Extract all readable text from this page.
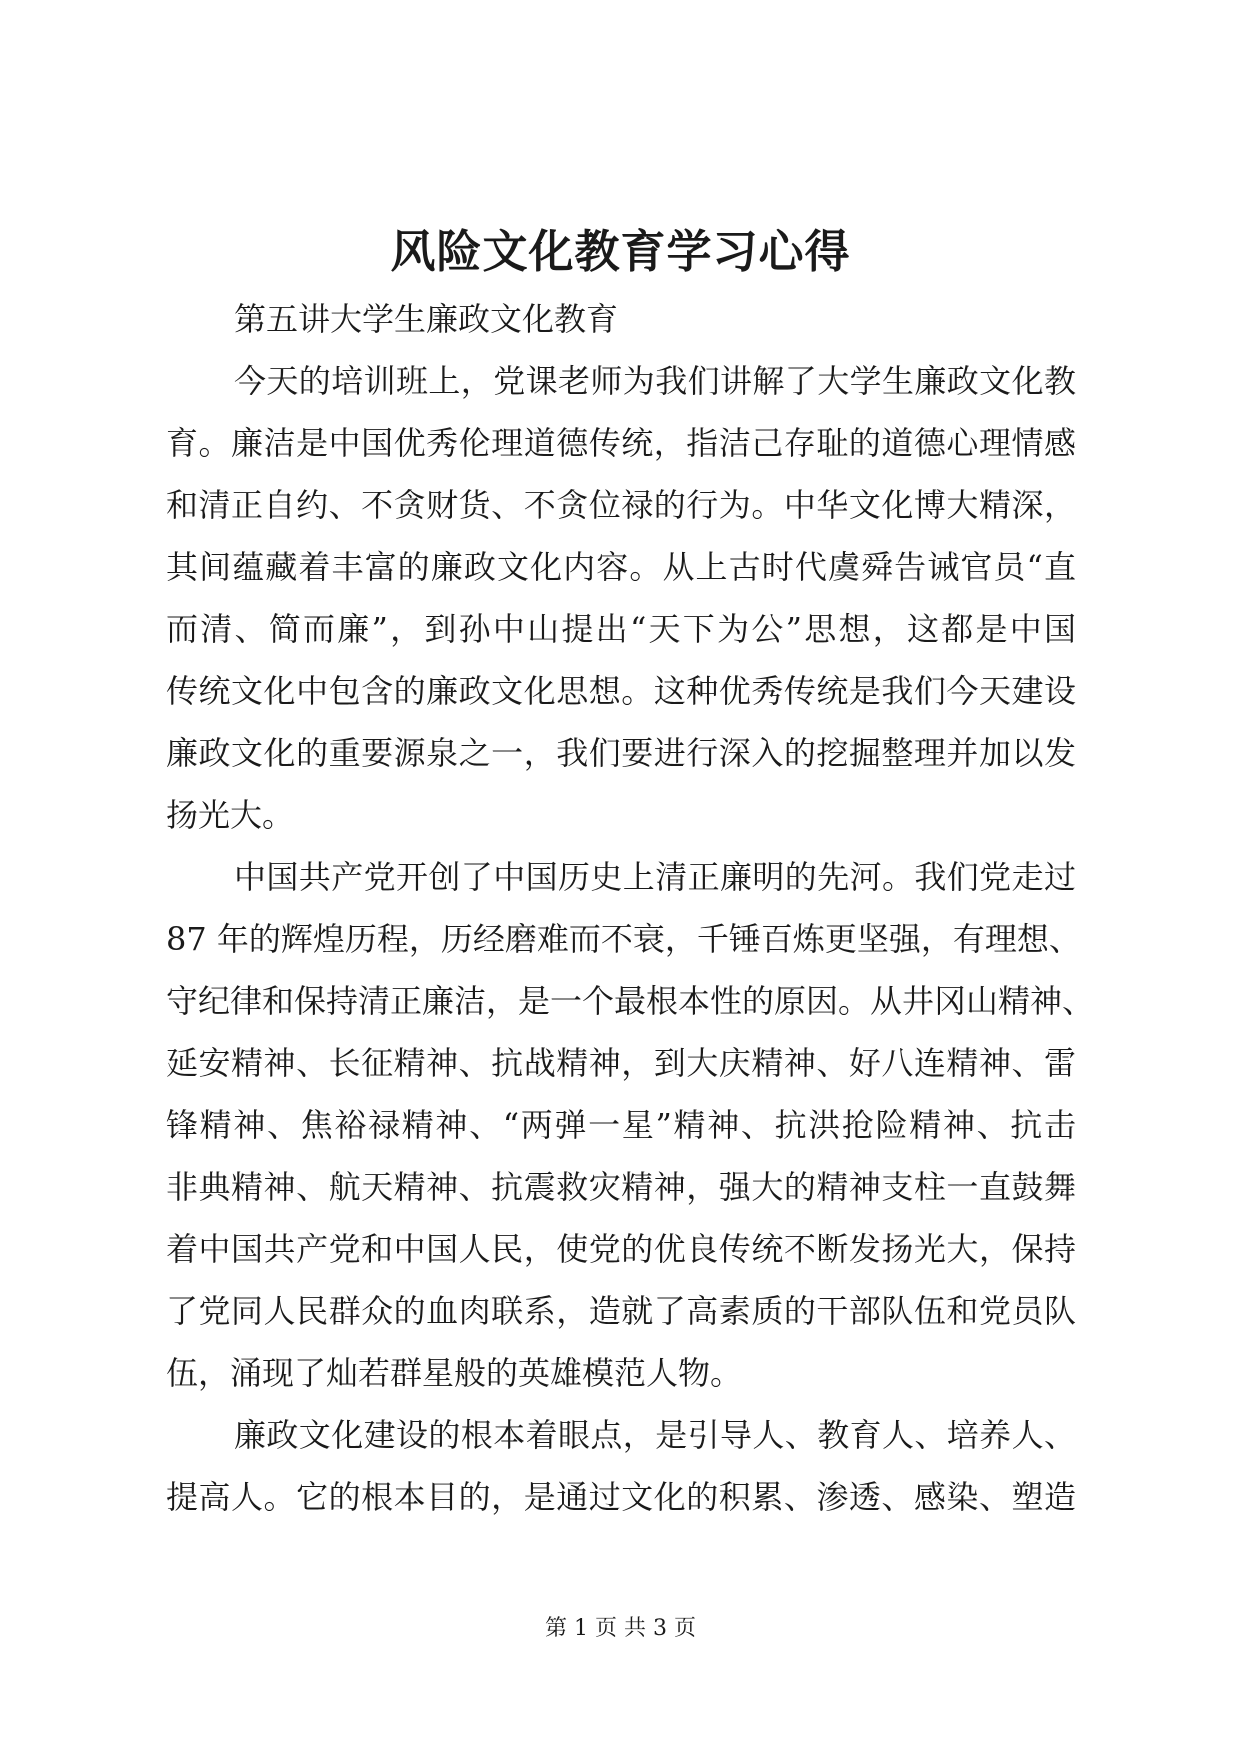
风险文化教育学习心得
第五讲大学生廉政文化教育
今天的培训班上，党课老师为我们讲解了大学生廉政文化教
育。廉洁是中国优秀伦理道德传统，指洁己存耻的道德心理情感
和清正自约、不贪财货、不贪位禄的行为。中华文化博大精深，
其间蕴藏着丰富的廉政文化内容。从上古时代虞舜告诫官员“直
而清、简而廉”，到孙中山提出“天下为公”思想，这都是中国
传统文化中包含的廉政文化思想。这种优秀传统是我们今天建设
廉政文化的重要源泉之一，我们要进行深入的挖掘整理并加以发
扬光大。
中国共产党开创了中国历史上清正廉明的先河。我们党走过
87 年的辉煌历程，历经磨难而不衰，千锤百炼更坚强，有理想、
守纪律和保持清正廉洁，是一个最根本性的原因。从井冈山精神、
延安精神、长征精神、抗战精神，到大庆精神、好八连精神、雷
锋精神、焦裕禄精神、“两弹一星”精神、抗洪抢险精神、抗击
非典精神、航天精神、抗震救灾精神，强大的精神支柱一直鼓舞
着中国共产党和中国人民，使党的优良传统不断发扬光大，保持
了党同人民群众的血肉联系，造就了高素质的干部队伍和党员队
伍，涌现了灿若群星般的英雄模范人物。
廉政文化建设的根本着眼点，是引导人、教育人、培养人、
提高人。它的根本目的，是通过文化的积累、渗透、感染、塑造
第 1 页 共 3 页
